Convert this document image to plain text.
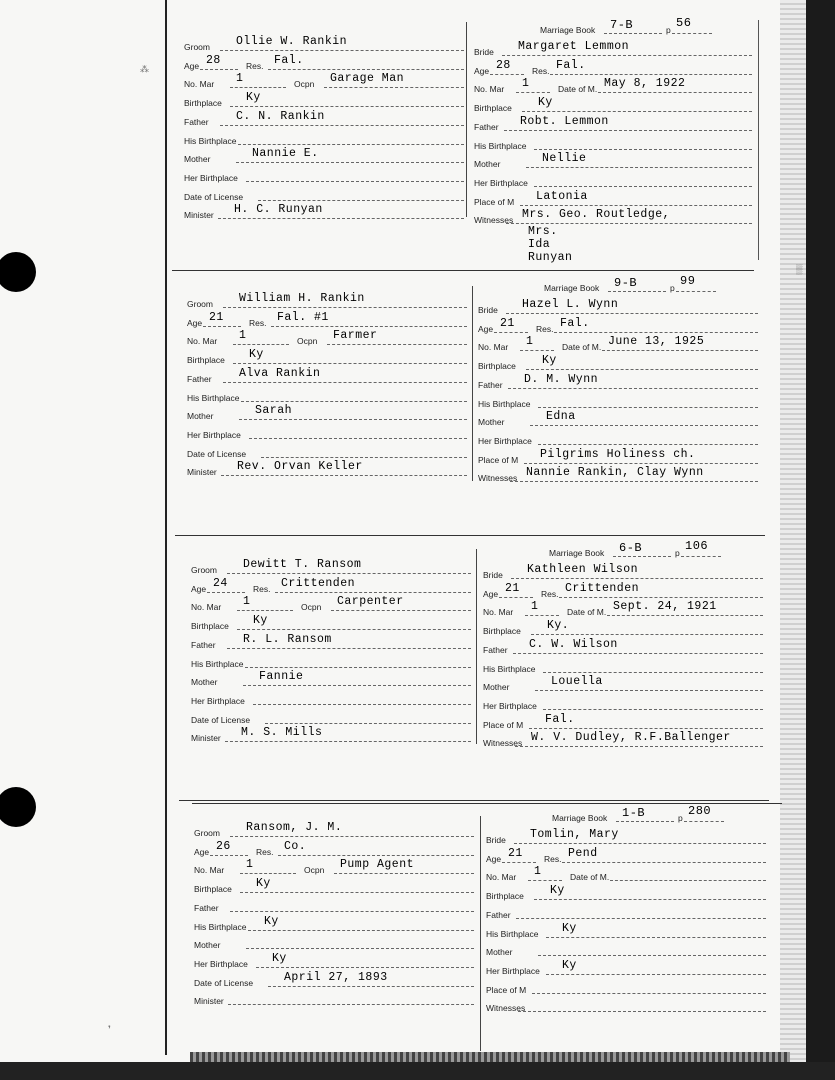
⁂
❜
▒
Groom Ollie W. Rankin
Age 28	Res. Fal.
No. Mar 1	Ocpn Garage Man
Birthplace Ky
Father C. N. Rankin
His Birthplace
Mother	Nannie E.
Her Birthplace
Date of License
Minister H. C. Runyan
Marriage Book 7-B	p 56
Bride Margaret Lemmon
Age 28 Res. Fal.
No. Mar 1	Date of M. May 8, 1922
Birthplace Ky
Father Robt. Lemmon
His Birthplace
Mother	Nellie
Her Birthplace
Place of M Latonia
Witnesses Mrs. Geo. Routledge,
Mrs. Ida Runyan
Groom William H. Rankin
Age 21	Res. Fal. #1
No. Mar 1	Ocpn Farmer
Birthplace Ky
Father Alva Rankin
His Birthplace
Mother	Sarah
Her Birthplace
Date of License
Minister Rev. Orvan Keller
Marriage Book 9-B	p 99
Bride Hazel L. Wynn
Age 21 Res. Fal.
No. Mar 1	Date of M. June 13, 1925
Birthplace Ky
Father D. M. Wynn
His Birthplace
Mother	Edna
Her Birthplace
Place of M Pilgrims Holiness ch.
Witnesses Nannie Rankin, Clay Wynn
Groom Dewitt T. Ransom
Age 24	Res. Crittenden
No. Mar 1	Ocpn Carpenter
Birthplace Ky
Father R. L. Ransom
His Birthplace
Mother	Fannie
Her Birthplace
Date of License
Minister M. S. Mills
Marriage Book 6-B	p 106
Bride Kathleen Wilson
Age 21 Res. Crittenden
No. Mar 1	Date of M. Sept. 24, 1921
Birthplace Ky.
Father C. W. Wilson
His Birthplace
Mother	Louella
Her Birthplace
Place of M Fal.
Witnesses W. V. Dudley, R.F.Ballenger
Groom Ransom, J. M.
Age 26	Res. Co.
No. Mar 1	Ocpn Pump Agent
Birthplace Ky
Father
His Birthplace Ky
Mother
Her Birthplace Ky
Date of License	April 27, 1893
Minister
Marriage Book 1-B	p 280
Bride Tomlin, Mary
Age 21 Res. Pend
No. Mar 1	Date of M.
Birthplace Ky
Father
His Birthplace Ky
Mother
Her Birthplace Ky
Place of M
Witnesses
